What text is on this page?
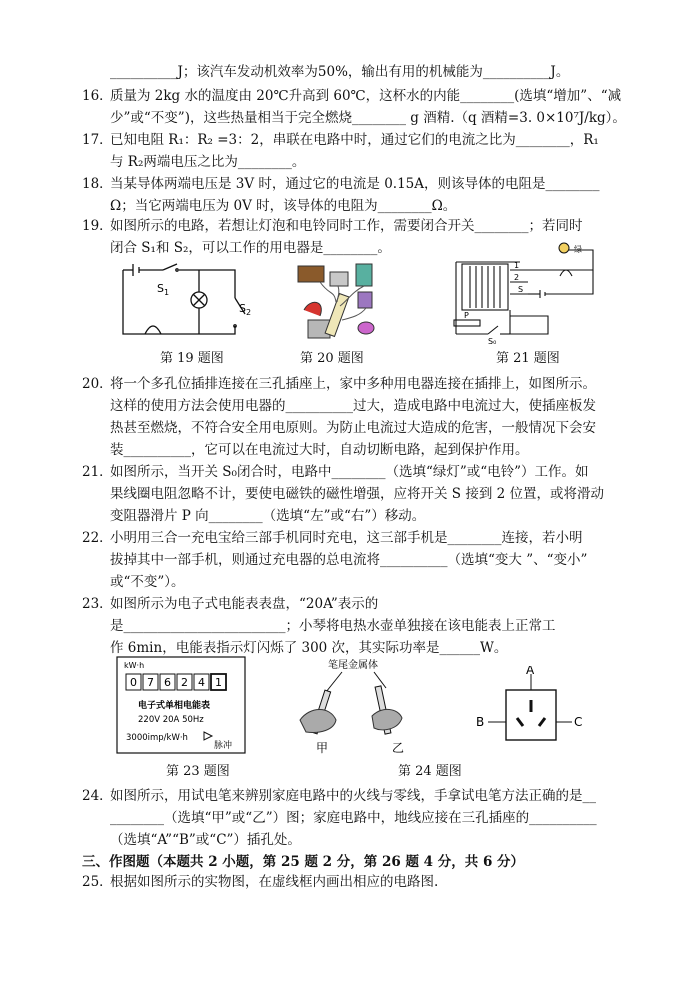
__________J；该汽车发动机效率为50%，输出有用的机械能为__________J。
16．
质量为 2kg 水的温度由 20℃升高到 60℃，这杯水的内能________(选填“增加”、“减
少”或“不变”)，这些热量相当于完全燃烧________ g 酒精.（q 酒精=3. 0×10⁷J/kg）。
17．
已知电阻 R₁：R₂ =3：2，串联在电路中时，通过它们的电流之比为________，R₁
与 R₂两端电压之比为________。
18．
当某导体两端电压是 3V 时，通过它的电流是 0.15A，则该导体的电阻是________
Ω；当它两端电压为 0V 时，该导体的电阻为________Ω。
19．
如图所示的电路，若想让灯泡和电铃同时工作，需要闭合开关________；若同时
闭合 S₁和 S₂，可以工作的用电器是________。
$S_1$
$S_2$
第 19 题图	第 20 题图
1
2
S
P
S₀
绿
第 21 题图
20．
将一个多孔位插排连接在三孔插座上，家中多种用电器连接在插排上，如图所示。
这样的使用方法会使用电器的__________过大，造成电路中电流过大，使插座板发
热甚至燃烧，不符合安全用电原则。为防止电流过大造成的危害，一般情况下会安
装__________，它可以在电流过大时，自动切断电路，起到保护作用。
21．
如图所示，当开关 S₀闭合时，电路中________（选填“绿灯”或“电铃”）工作。如
果线圈电阻忽略不计，要使电磁铁的磁性增强，应将开关 S 接到 2 位置，或将滑动
变阻器滑片 P 向________（选填“左”或“右”）移动。
22．
小明用三合一充电宝给三部手机同时充电，这三部手机是________连接，若小明
拔掉其中一部手机，则通过充电器的总电流将__________（选填“变大 ”、“变小”
或“不变”）。
23．
如图所示为电子式电能表表盘，“20A”表示的
是________________________；小琴将电热水壶单独接在该电能表上正常工
作 6min，电能表指示灯闪烁了 300 次，其实际功率是______W。
kW·h
0 7 6 2 4 1
电子式单相电能表
220V 20A 50Hz
3000imp/kW·h
脉冲
第 23 题图
笔尾金属体
甲	乙
第 24 题图
A
B	C
24．
如图所示，用试电笔来辨别家庭电路中的火线与零线，手拿试电笔方法正确的是__
________（选填“甲”或“乙”）图；家庭电路中，地线应接在三孔插座的__________
（选填“A”“B”或“C”）插孔处。
三、作图题（本题共 2 小题，第 25 题 2 分，第 26 题 4 分，共 6 分）
25．
根据如图所示的实物图，在虚线框内画出相应的电路图.
